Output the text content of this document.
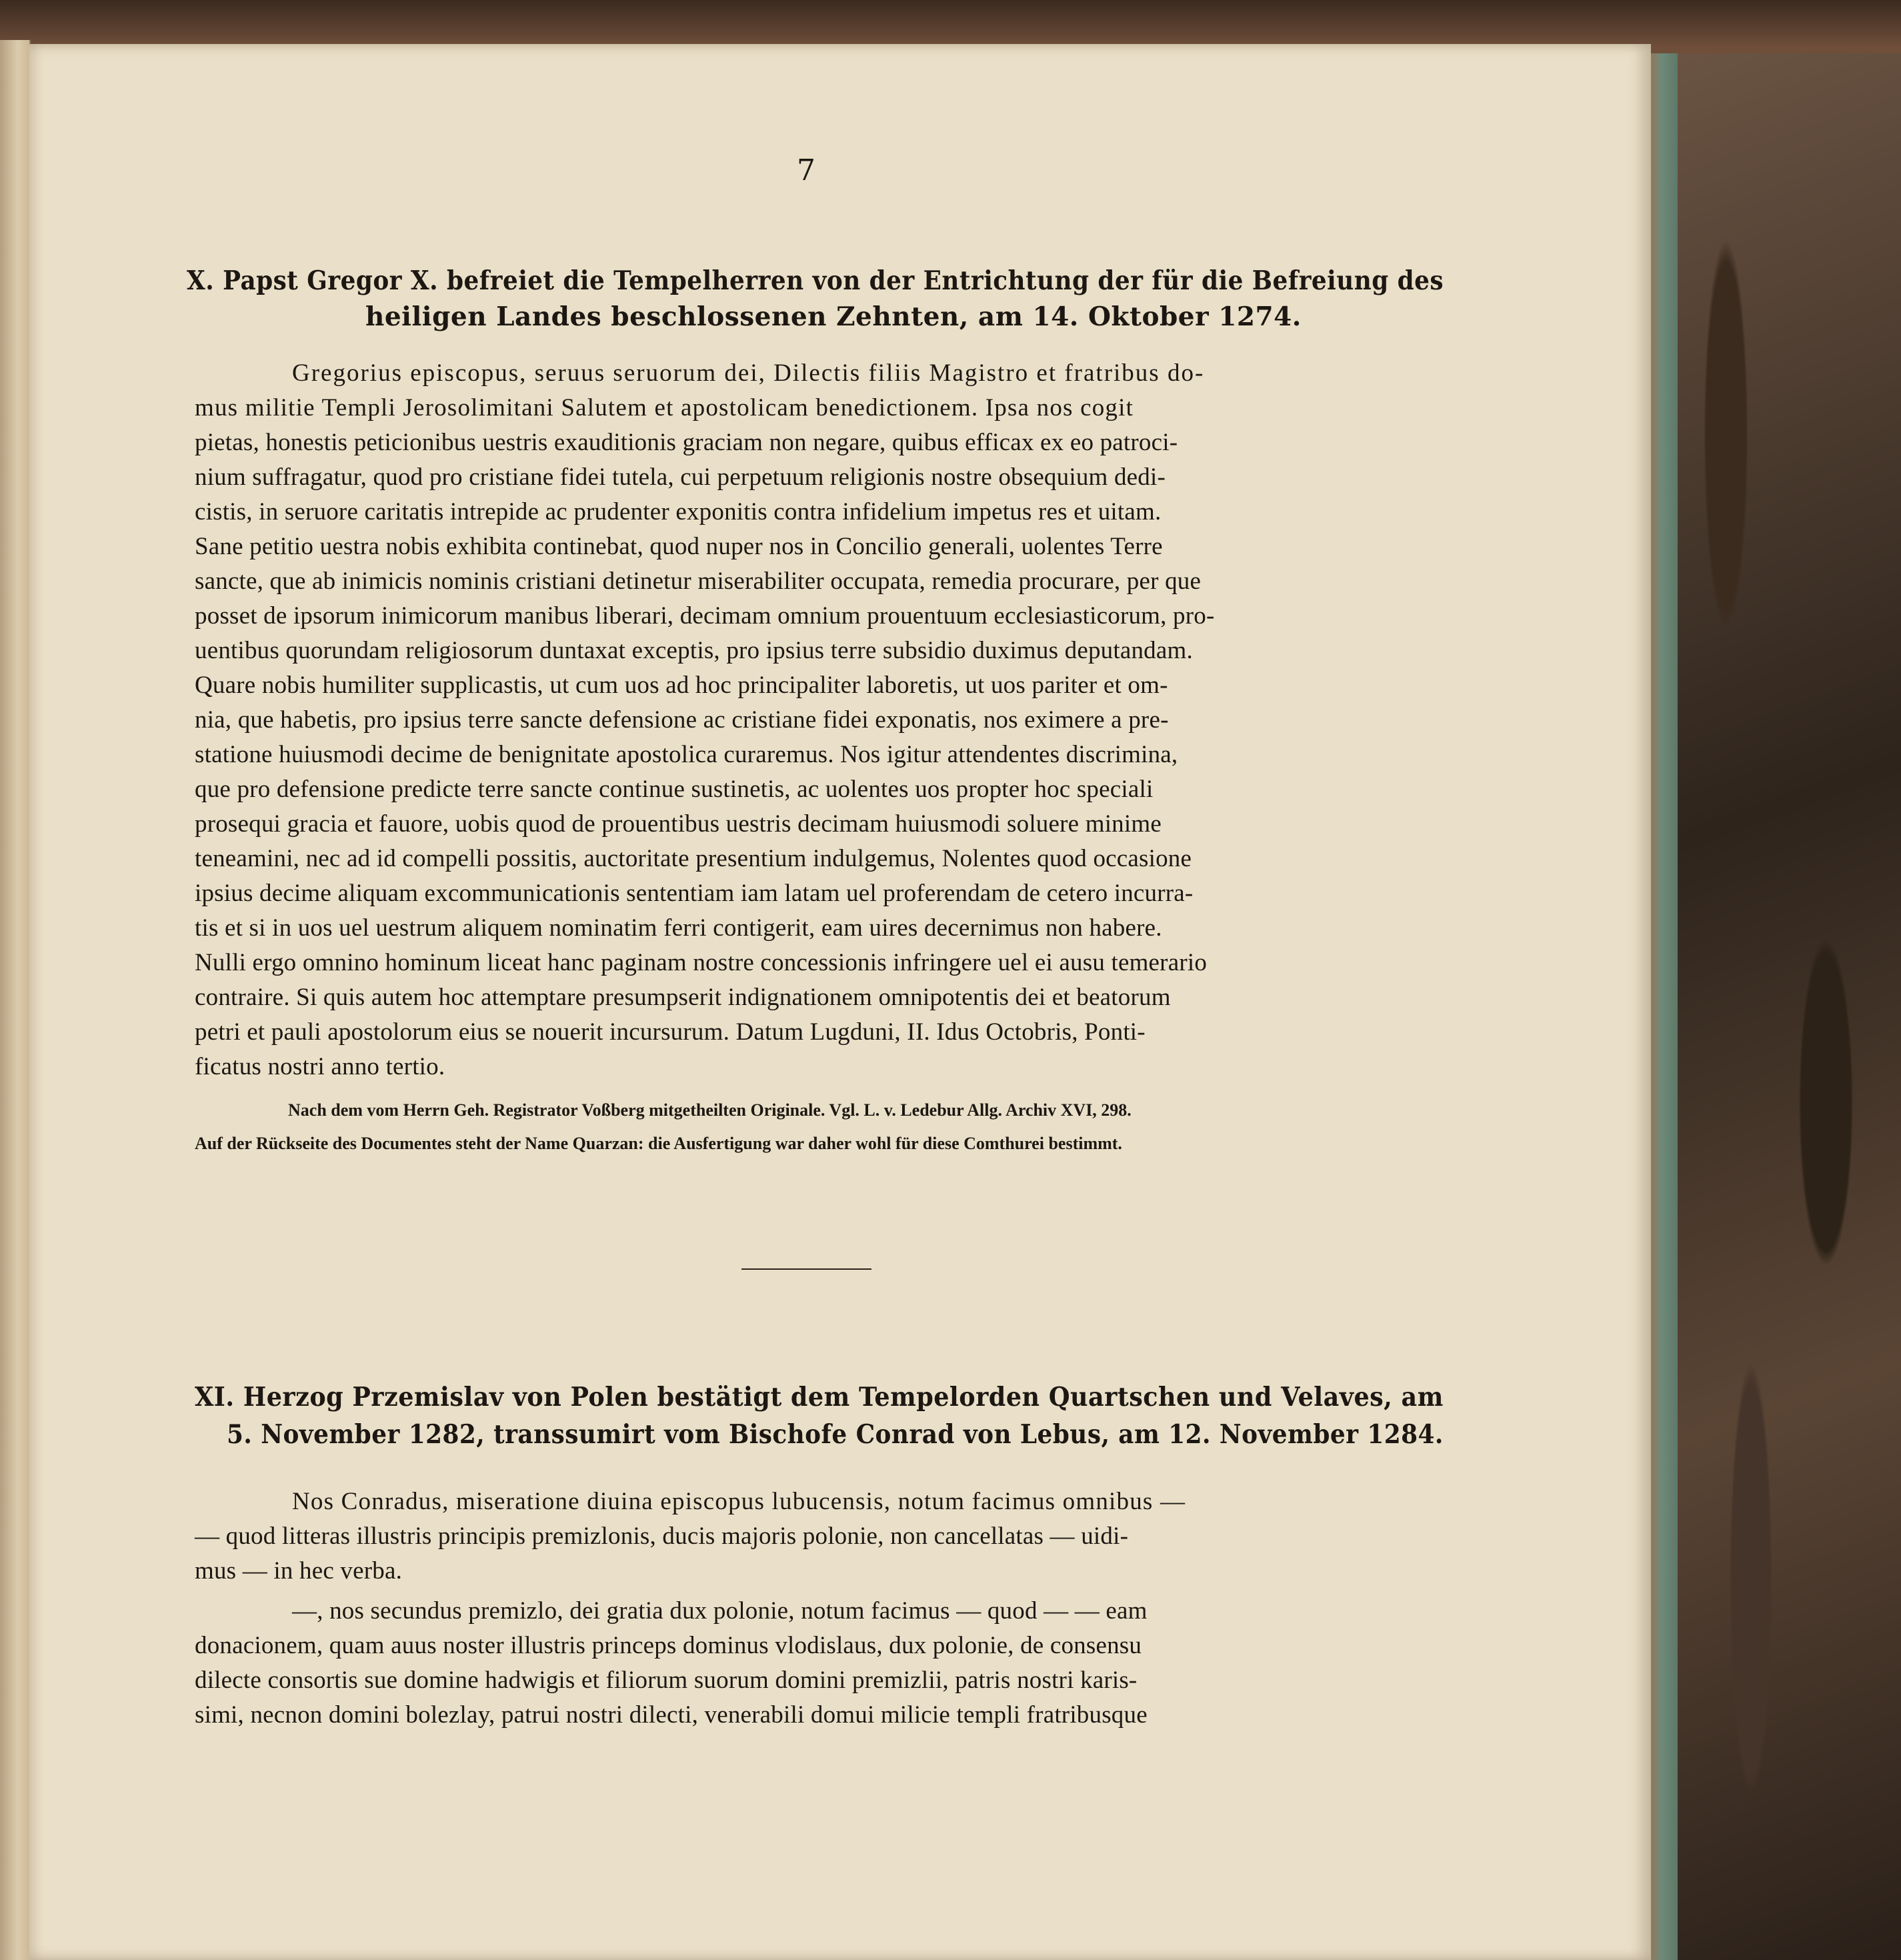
7
X. Papst Gregor X. befreiet die Tempelherren von der Entrichtung der für die Befreiung des
heiligen Landes beschlossenen Zehnten, am 14. Oktober 1274.
Gregorius episcopus, seruus seruorum dei, Dilectis filiis Magistro et fratribus do-
mus militie Templi Jerosolimitani Salutem et apostolicam benedictionem. Ipsa nos cogit
pietas, honestis peticionibus uestris exauditionis graciam non negare, quibus efficax ex eo patroci-
nium suffragatur, quod pro cristiane fidei tutela, cui perpetuum religionis nostre obsequium dedi-
cistis, in seruore caritatis intrepide ac prudenter exponitis contra infidelium impetus res et uitam.
Sane petitio uestra nobis exhibita continebat, quod nuper nos in Concilio generali, uolentes Terre
sancte, que ab inimicis nominis cristiani detinetur miserabiliter occupata, remedia procurare, per que
posset de ipsorum inimicorum manibus liberari, decimam omnium prouentuum ecclesiasticorum, pro-
uentibus quorundam religiosorum duntaxat exceptis, pro ipsius terre subsidio duximus deputandam.
Quare nobis humiliter supplicastis, ut cum uos ad hoc principaliter laboretis, ut uos pariter et om-
nia, que habetis, pro ipsius terre sancte defensione ac cristiane fidei exponatis, nos eximere a pre-
statione huiusmodi decime de benignitate apostolica curaremus. Nos igitur attendentes discrimina,
que pro defensione predicte terre sancte continue sustinetis, ac uolentes uos propter hoc speciali
prosequi gracia et fauore, uobis quod de prouentibus uestris decimam huiusmodi soluere minime
teneamini, nec ad id compelli possitis, auctoritate presentium indulgemus, Nolentes quod occasione
ipsius decime aliquam excommunicationis sententiam iam latam uel proferendam de cetero incurra-
tis et si in uos uel uestrum aliquem nominatim ferri contigerit, eam uires decernimus non habere.
Nulli ergo omnino hominum liceat hanc paginam nostre concessionis infringere uel ei ausu temerario
contraire. Si quis autem hoc attemptare presumpserit indignationem omnipotentis dei et beatorum
petri et pauli apostolorum eius se nouerit incursurum. Datum Lugduni, II. Idus Octobris, Ponti-
ficatus nostri anno tertio.
Nach dem vom Herrn Geh. Registrator Voßberg mitgetheilten Originale. Vgl. L. v. Ledebur Allg. Archiv XVI, 298.
Auf der Rückseite des Documentes steht der Name Quarzan: die Ausfertigung war daher wohl für diese Comthurei bestimmt.
XI. Herzog Przemislav von Polen bestätigt dem Tempelorden Quartschen und Velaves, am
5. November 1282, transsumirt vom Bischofe Conrad von Lebus, am 12. November 1284.
Nos Conradus, miseratione diuina episcopus lubucensis, notum facimus omnibus —
— quod litteras illustris principis premizlonis, ducis majoris polonie, non cancellatas — uidi-
mus — in hec verba.
—, nos secundus premizlo, dei gratia dux polonie, notum facimus — quod — — eam
donacionem, quam auus noster illustris princeps dominus vlodislaus, dux polonie, de consensu
dilecte consortis sue domine hadwigis et filiorum suorum domini premizlii, patris nostri karis-
simi, necnon domini bolezlay, patrui nostri dilecti, venerabili domui milicie templi fratribusque
